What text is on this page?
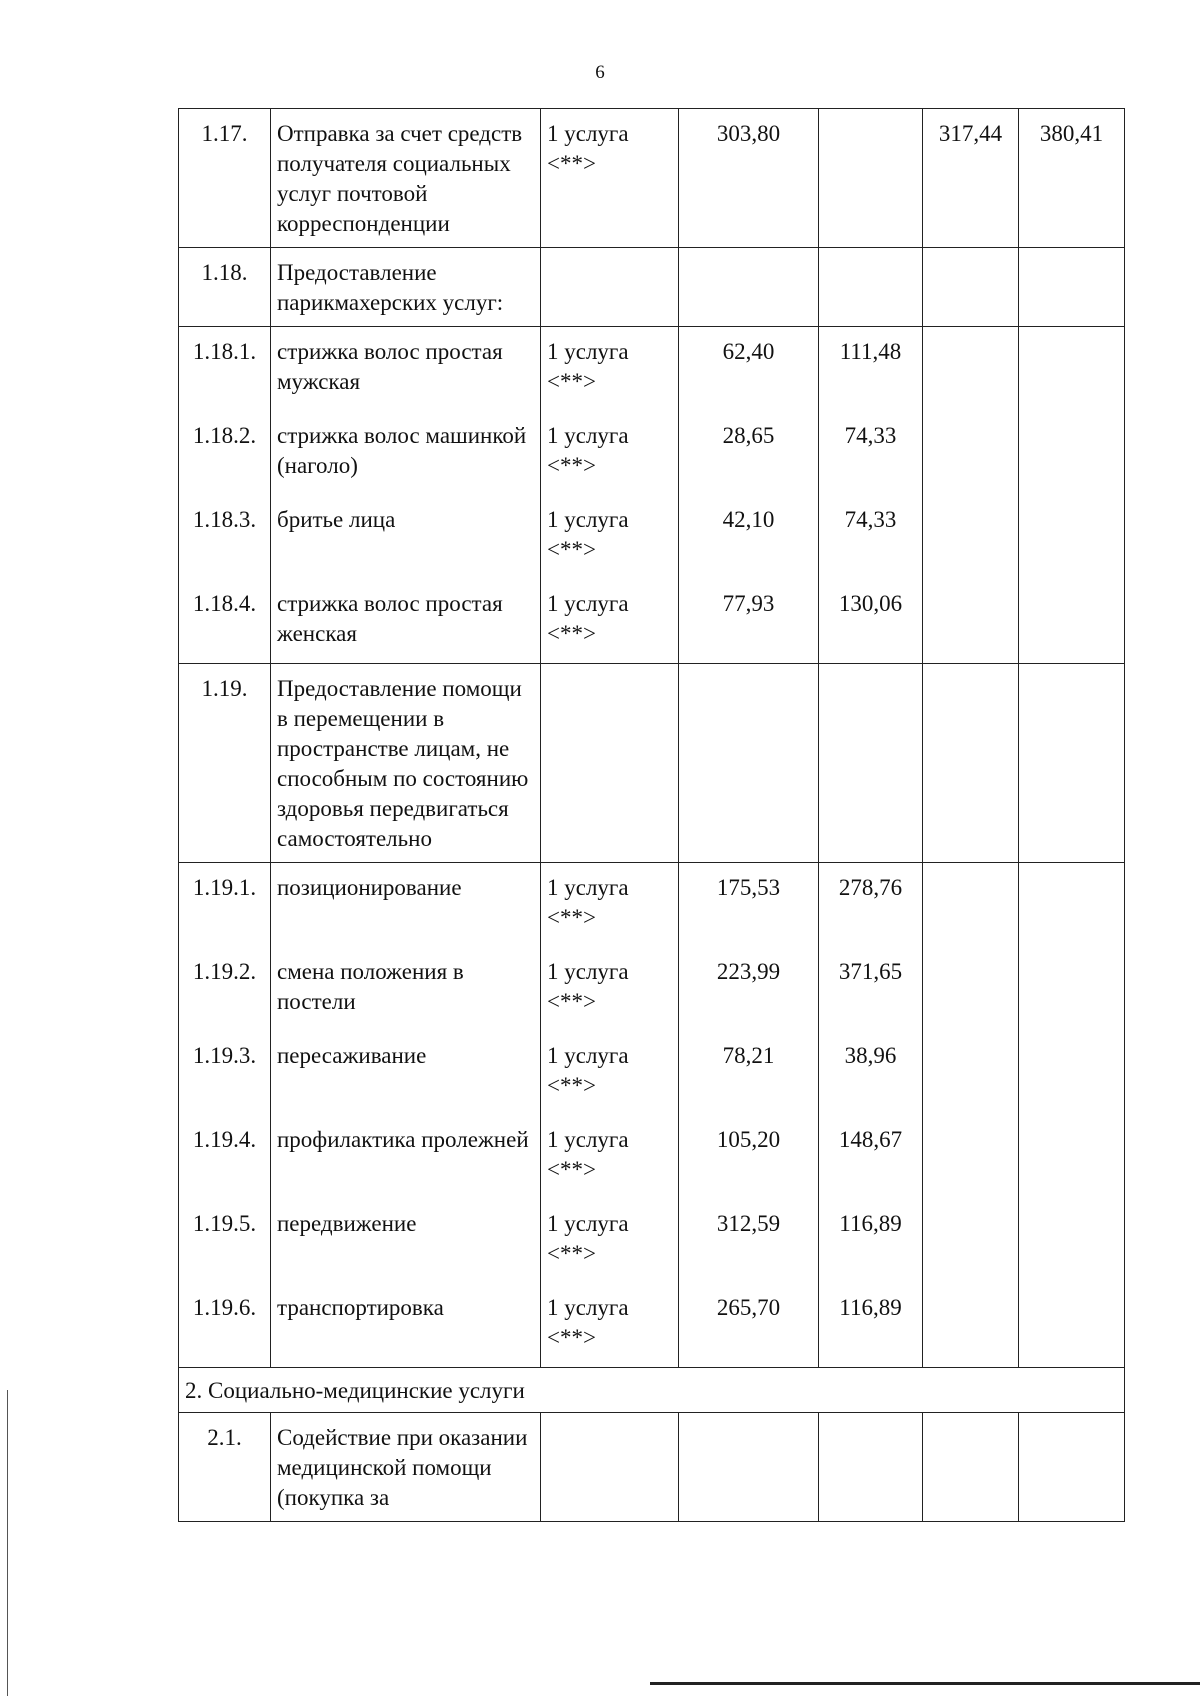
6
1.17.	Отправка за счет средств получателя социальных услуг почтовой корреспонденции	1 услуга <**>	303,80		317,44	380,41
1.18.	Предоставление парикмахерских услуг:					
1.18.1.	стрижка волос простая мужская	1 услуга <**>	62,40	111,48		
1.18.2.	стрижка волос машинкой (наголо)	1 услуга <**>	28,65	74,33		
1.18.3.	бритье лица	1 услуга <**>	42,10	74,33		
1.18.4.	стрижка волос простая женская	1 услуга <**>	77,93	130,06		
1.19.	Предоставление помощи в перемещении в пространстве лицам, не способным по состоянию здоровья передвигаться самостоятельно					
1.19.1.	позиционирование	1 услуга <**>	175,53	278,76		
1.19.2.	смена положения в постели	1 услуга <**>	223,99	371,65		
1.19.3.	пересаживание	1 услуга <**>	78,21	38,96		
1.19.4.	профилактика пролежней	1 услуга <**>	105,20	148,67		
1.19.5.	передвижение	1 услуга <**>	312,59	116,89		
1.19.6.	транспортировка	1 услуга <**>	265,70	116,89		
2. Социально-медицинские услуги						
2.1.	Содействие при оказании медицинской помощи (покупка за					
